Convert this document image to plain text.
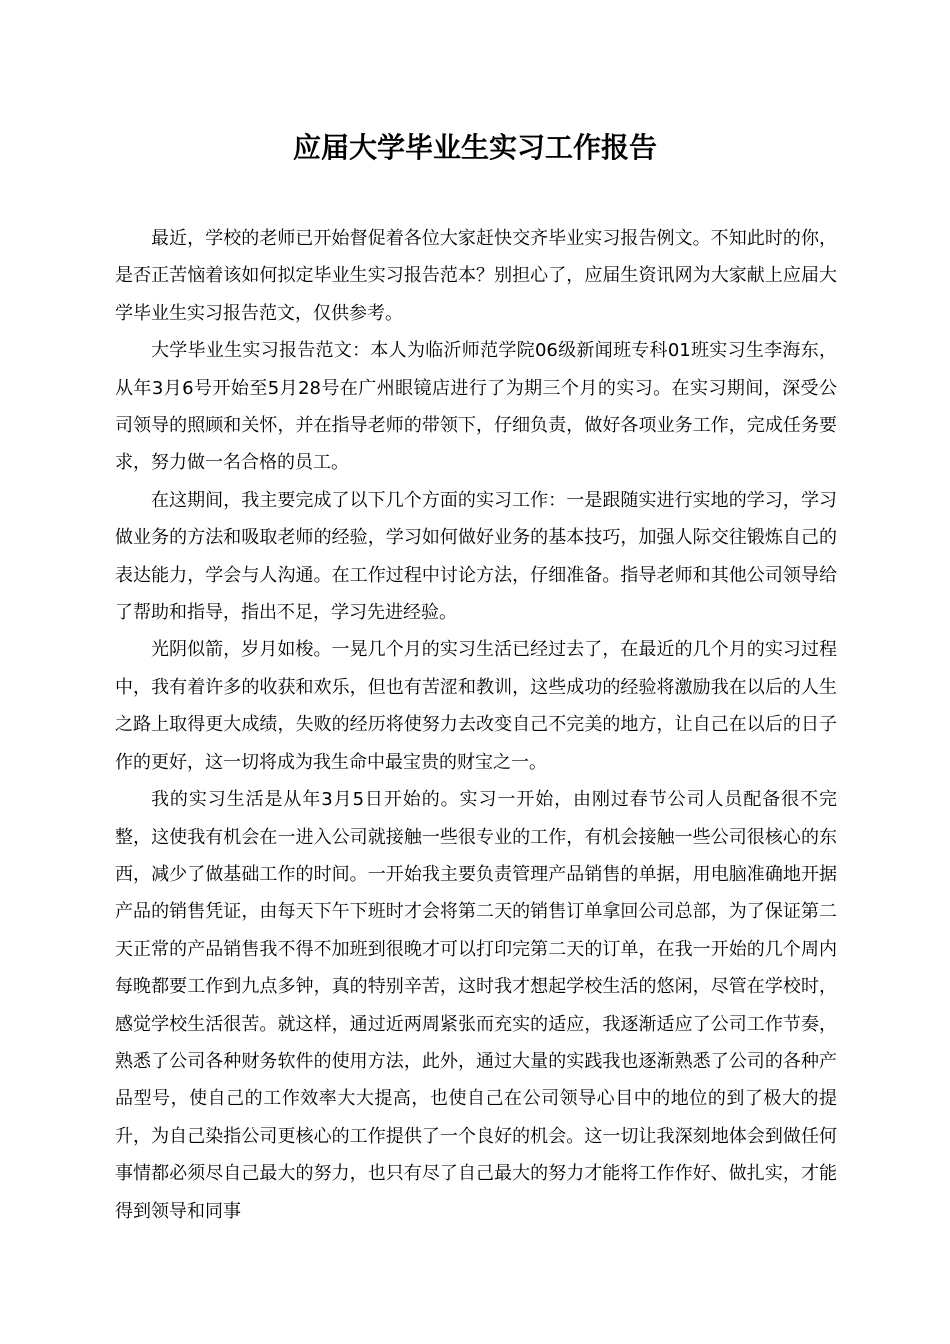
应届大学毕业生实习工作报告

最近，学校的老师已开始督促着各位大家赶快交齐毕业实习报告例文。不知此时的你，是否正苦恼着该如何拟定毕业生实习报告范本？别担心了，应届生资讯网为大家献上应届大学毕业生实习报告范文，仅供参考。

大学毕业生实习报告范文：本人为临沂师范学院06级新闻班专科01班实习生李海东，从年3月6号开始至5月28号在广州眼镜店进行了为期三个月的实习。在实习期间，深受公司领导的照顾和关怀，并在指导老师的带领下，仔细负责，做好各项业务工作，完成任务要求，努力做一名合格的员工。

在这期间，我主要完成了以下几个方面的实习工作：一是跟随实进行实地的学习，学习做业务的方法和吸取老师的经验，学习如何做好业务的基本技巧，加强人际交往锻炼自己的表达能力，学会与人沟通。在工作过程中讨论方法，仔细准备。指导老师和其他公司领导给了帮助和指导，指出不足，学习先进经验。

光阴似箭，岁月如梭。一晃几个月的实习生活已经过去了，在最近的几个月的实习过程中，我有着许多的收获和欢乐，但也有苦涩和教训，这些成功的经验将激励我在以后的人生之路上取得更大成绩，失败的经历将使努力去改变自己不完美的地方，让自己在以后的日子作的更好，这一切将成为我生命中最宝贵的财宝之一。

我的实习生活是从年3月5日开始的。实习一开始，由刚过春节公司人员配备很不完整，这使我有机会在一进入公司就接触一些很专业的工作，有机会接触一些公司很核心的东西，减少了做基础工作的时间。一开始我主要负责管理产品销售的单据，用电脑准确地开据产品的销售凭证，由每天下午下班时才会将第二天的销售订单拿回公司总部，为了保证第二天正常的产品销售我不得不加班到很晚才可以打印完第二天的订单，在我一开始的几个周内每晚都要工作到九点多钟，真的特别辛苦，这时我才想起学校生活的悠闲，尽管在学校时，感觉学校生活很苦。就这样，通过近两周紧张而充实的适应，我逐渐适应了公司工作节奏，熟悉了公司各种财务软件的使用方法，此外，通过大量的实践我也逐渐熟悉了公司的各种产品型号，使自己的工作效率大大提高，也使自己在公司领导心目中的地位的到了极大的提升，为自己染指公司更核心的工作提供了一个良好的机会。这一切让我深刻地体会到做任何事情都必须尽自己最大的努力，也只有尽了自己最大的努力才能将工作作好、做扎实，才能得到领导和同事
